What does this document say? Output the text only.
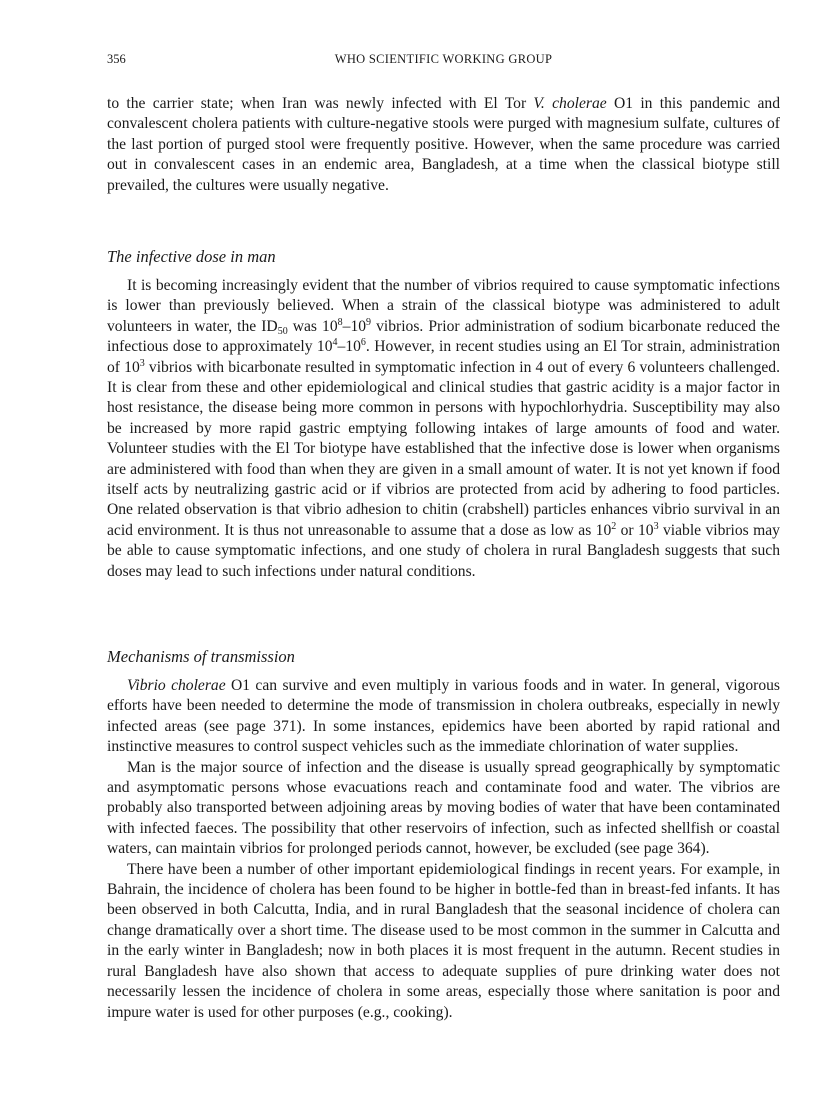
356	WHO SCIENTIFIC WORKING GROUP

to the carrier state; when Iran was newly infected with El Tor V. cholerae O1 in this pandemic and convalescent cholera patients with culture-negative stools were purged with magnesium sulfate, cultures of the last portion of purged stool were frequently positive. However, when the same procedure was carried out in convalescent cases in an endemic area, Bangladesh, at a time when the classical biotype still prevailed, the cultures were usually negative.

The infective dose in man

It is becoming increasingly evident that the number of vibrios required to cause symptomatic infections is lower than previously believed. When a strain of the classical biotype was administered to adult volunteers in water, the $ID_{50}$ was $10^8-10^9$ vibrios. Prior administration of sodium bicarbonate reduced the infectious dose to approximately $10^4-10^6$. However, in recent studies using an El Tor strain, administration of $10^3$ vibrios with bicarbonate resulted in symptomatic infection in 4 out of every 6 volunteers challenged. It is clear from these and other epidemiological and clinical studies that gastric acidity is a major factor in host resistance, the disease being more common in persons with hypochlorhydria. Susceptibility may also be increased by more rapid gastric emptying following intakes of large amounts of food and water. Volunteer studies with the El Tor biotype have established that the infective dose is lower when organisms are administered with food than when they are given in a small amount of water. It is not yet known if food itself acts by neutralizing gastric acid or if vibrios are protected from acid by adhering to food particles. One related observation is that vibrio adhesion to chitin (crabshell) particles enhances vibrio survival in an acid environment. It is thus not unreasonable to assume that a dose as low as $10^2$ or $10^3$ viable vibrios may be able to cause symptomatic infections, and one study of cholera in rural Bangladesh suggests that such doses may lead to such infections under natural conditions.

Mechanisms of transmission

Vibrio cholerae O1 can survive and even multiply in various foods and in water. In general, vigorous efforts have been needed to determine the mode of transmission in cholera outbreaks, especially in newly infected areas (see page 371). In some instances, epidemics have been aborted by rapid rational and instinctive measures to control suspect vehicles such as the immediate chlorination of water supplies.

Man is the major source of infection and the disease is usually spread geographically by symptomatic and asymptomatic persons whose evacuations reach and contaminate food and water. The vibrios are probably also transported between adjoining areas by moving bodies of water that have been contaminated with infected faeces. The possibility that other reservoirs of infection, such as infected shellfish or coastal waters, can maintain vibrios for prolonged periods cannot, however, be excluded (see page 364).

There have been a number of other important epidemiological findings in recent years. For example, in Bahrain, the incidence of cholera has been found to be higher in bottle-fed than in breast-fed infants. It has been observed in both Calcutta, India, and in rural Bangladesh that the seasonal incidence of cholera can change dramatically over a short time. The disease used to be most common in the summer in Calcutta and in the early winter in Bangladesh; now in both places it is most frequent in the autumn. Recent studies in rural Bangladesh have also shown that access to adequate supplies of pure drinking water does not necessarily lessen the incidence of cholera in some areas, especially those where sanitation is poor and impure water is used for other purposes (e.g., cooking).
